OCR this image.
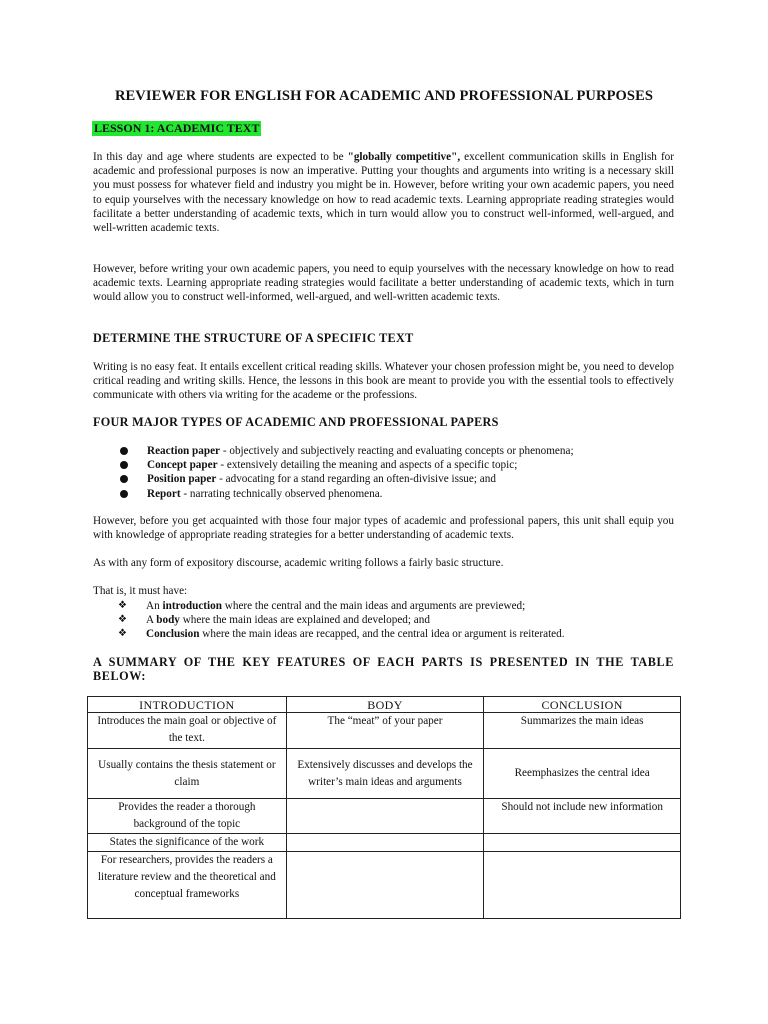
REVIEWER FOR ENGLISH FOR ACADEMIC AND PROFESSIONAL PURPOSES
LESSON 1: ACADEMIC TEXT

In this day and age where students are expected to be "globally competitive", excellent communication skills in English for academic and professional purposes is now an imperative. Putting your thoughts and arguments into writing is a necessary skill you must possess for whatever field and industry you might be in. However, before writing your own academic papers, you need to equip yourselves with the necessary knowledge on how to read academic texts. Learning appropriate reading strategies would facilitate a better understanding of academic texts, which in turn would allow you to construct well-informed, well-argued, and well-written academic texts.

However, before writing your own academic papers, you need to equip yourselves with the necessary knowledge on how to read academic texts. Learning appropriate reading strategies would facilitate a better understanding of academic texts, which in turn would allow you to construct well-informed, well-argued, and well-written academic texts.

DETERMINE THE STRUCTURE OF A SPECIFIC TEXT

Writing is no easy feat. It entails excellent critical reading skills. Whatever your chosen profession might be, you need to develop critical reading and writing skills. Hence, the lessons in this book are meant to provide you with the essential tools to effectively communicate with others via writing for the academe or the professions.

FOUR MAJOR TYPES OF ACADEMIC AND PROFESSIONAL PAPERS
Reaction paper - objectively and subjectively reacting and evaluating concepts or phenomena;
Concept paper - extensively detailing the meaning and aspects of a specific topic;
Position paper - advocating for a stand regarding an often-divisive issue; and
Report - narrating technically observed phenomena.

However, before you get acquainted with those four major types of academic and professional papers, this unit shall equip you with knowledge of appropriate reading strategies for a better understanding of academic texts.

As with any form of expository discourse, academic writing follows a fairly basic structure.

That is, it must have:

❖ An introduction where the central and the main ideas and arguments are previewed;
❖ A body where the main ideas are explained and developed; and
❖ Conclusion where the main ideas are recapped, and the central idea or argument is reiterated.
A SUMMARY OF THE KEY FEATURES OF EACH PARTS IS PRESENTED IN THE TABLE BELOW:
INTRODUCTION	BODY	CONCLUSION
Introduces the main goal or objective of the text.	The “meat” of your paper	Summarizes the main ideas
Usually contains the thesis statement or claim	Extensively discusses and develops the writer’s main ideas and arguments	Reemphasizes the central idea
Provides the reader a thorough background of the topic		Should not include new information
States the significance of the work		
For researchers, provides the readers a literature review and the theoretical and conceptual frameworks		
